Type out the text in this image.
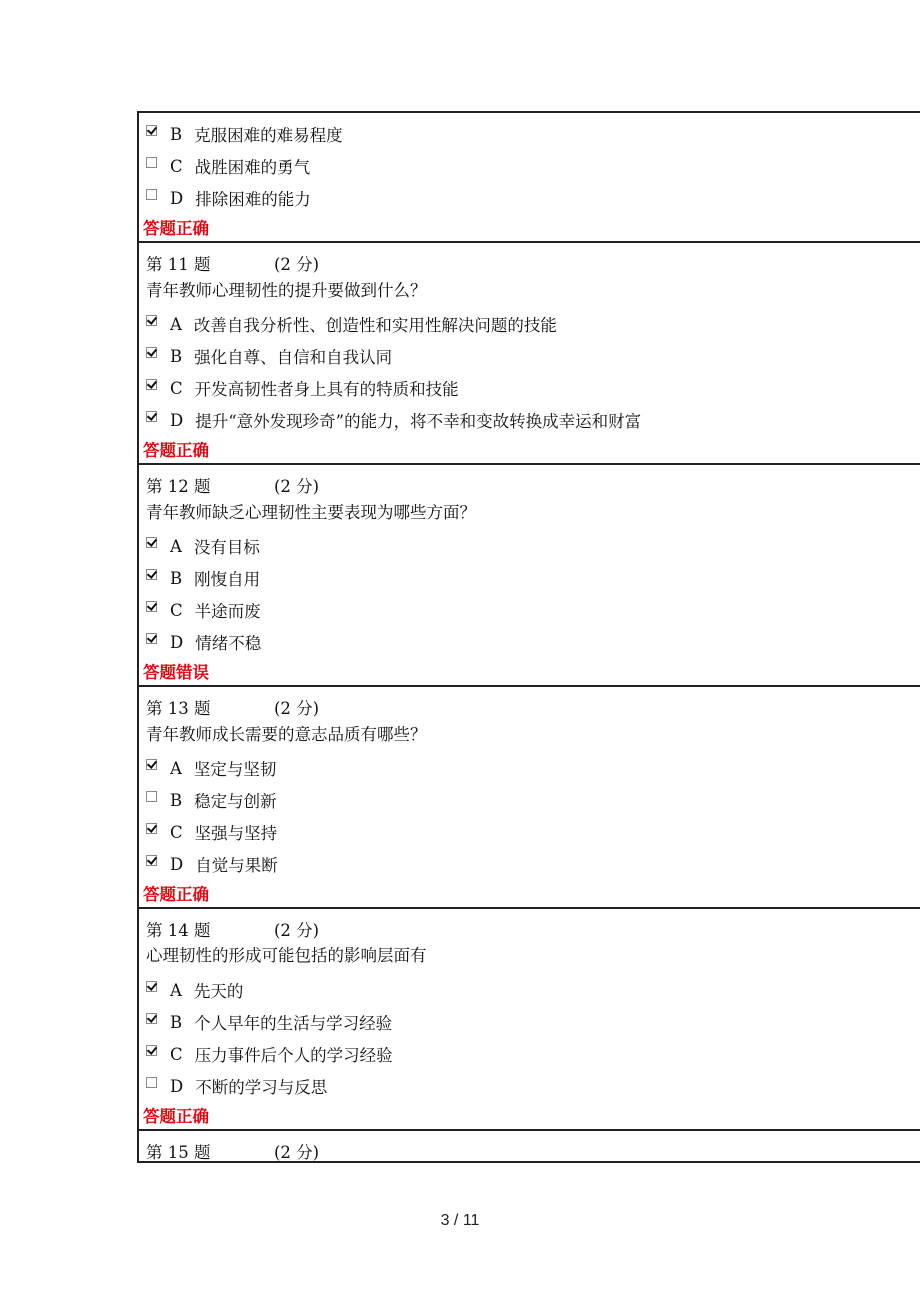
B 克服困难的难易程度
C 战胜困难的勇气
D 排除困难的能力
答题正确
第 11 题	(2 分)
青年教师心理韧性的提升要做到什么？
A 改善自我分析性、创造性和实用性解决问题的技能
B 强化自尊、自信和自我认同
C 开发高韧性者身上具有的特质和技能
D 提升“意外发现珍奇”的能力，将不幸和变故转换成幸运和财富
答题正确
第 12 题	(2 分)
青年教师缺乏心理韧性主要表现为哪些方面？
A 没有目标
B 刚愎自用
C 半途而废
D 情绪不稳
答题错误
第 13 题	(2 分)
青年教师成长需要的意志品质有哪些？
A 坚定与坚韧
B 稳定与创新
C 坚强与坚持
D 自觉与果断
答题正确
第 14 题	(2 分)
心理韧性的形成可能包括的影响层面有
A 先天的
B 个人早年的生活与学习经验
C 压力事件后个人的学习经验
D 不断的学习与反思
答题正确
第 15 题	(2 分)
3 / 11
